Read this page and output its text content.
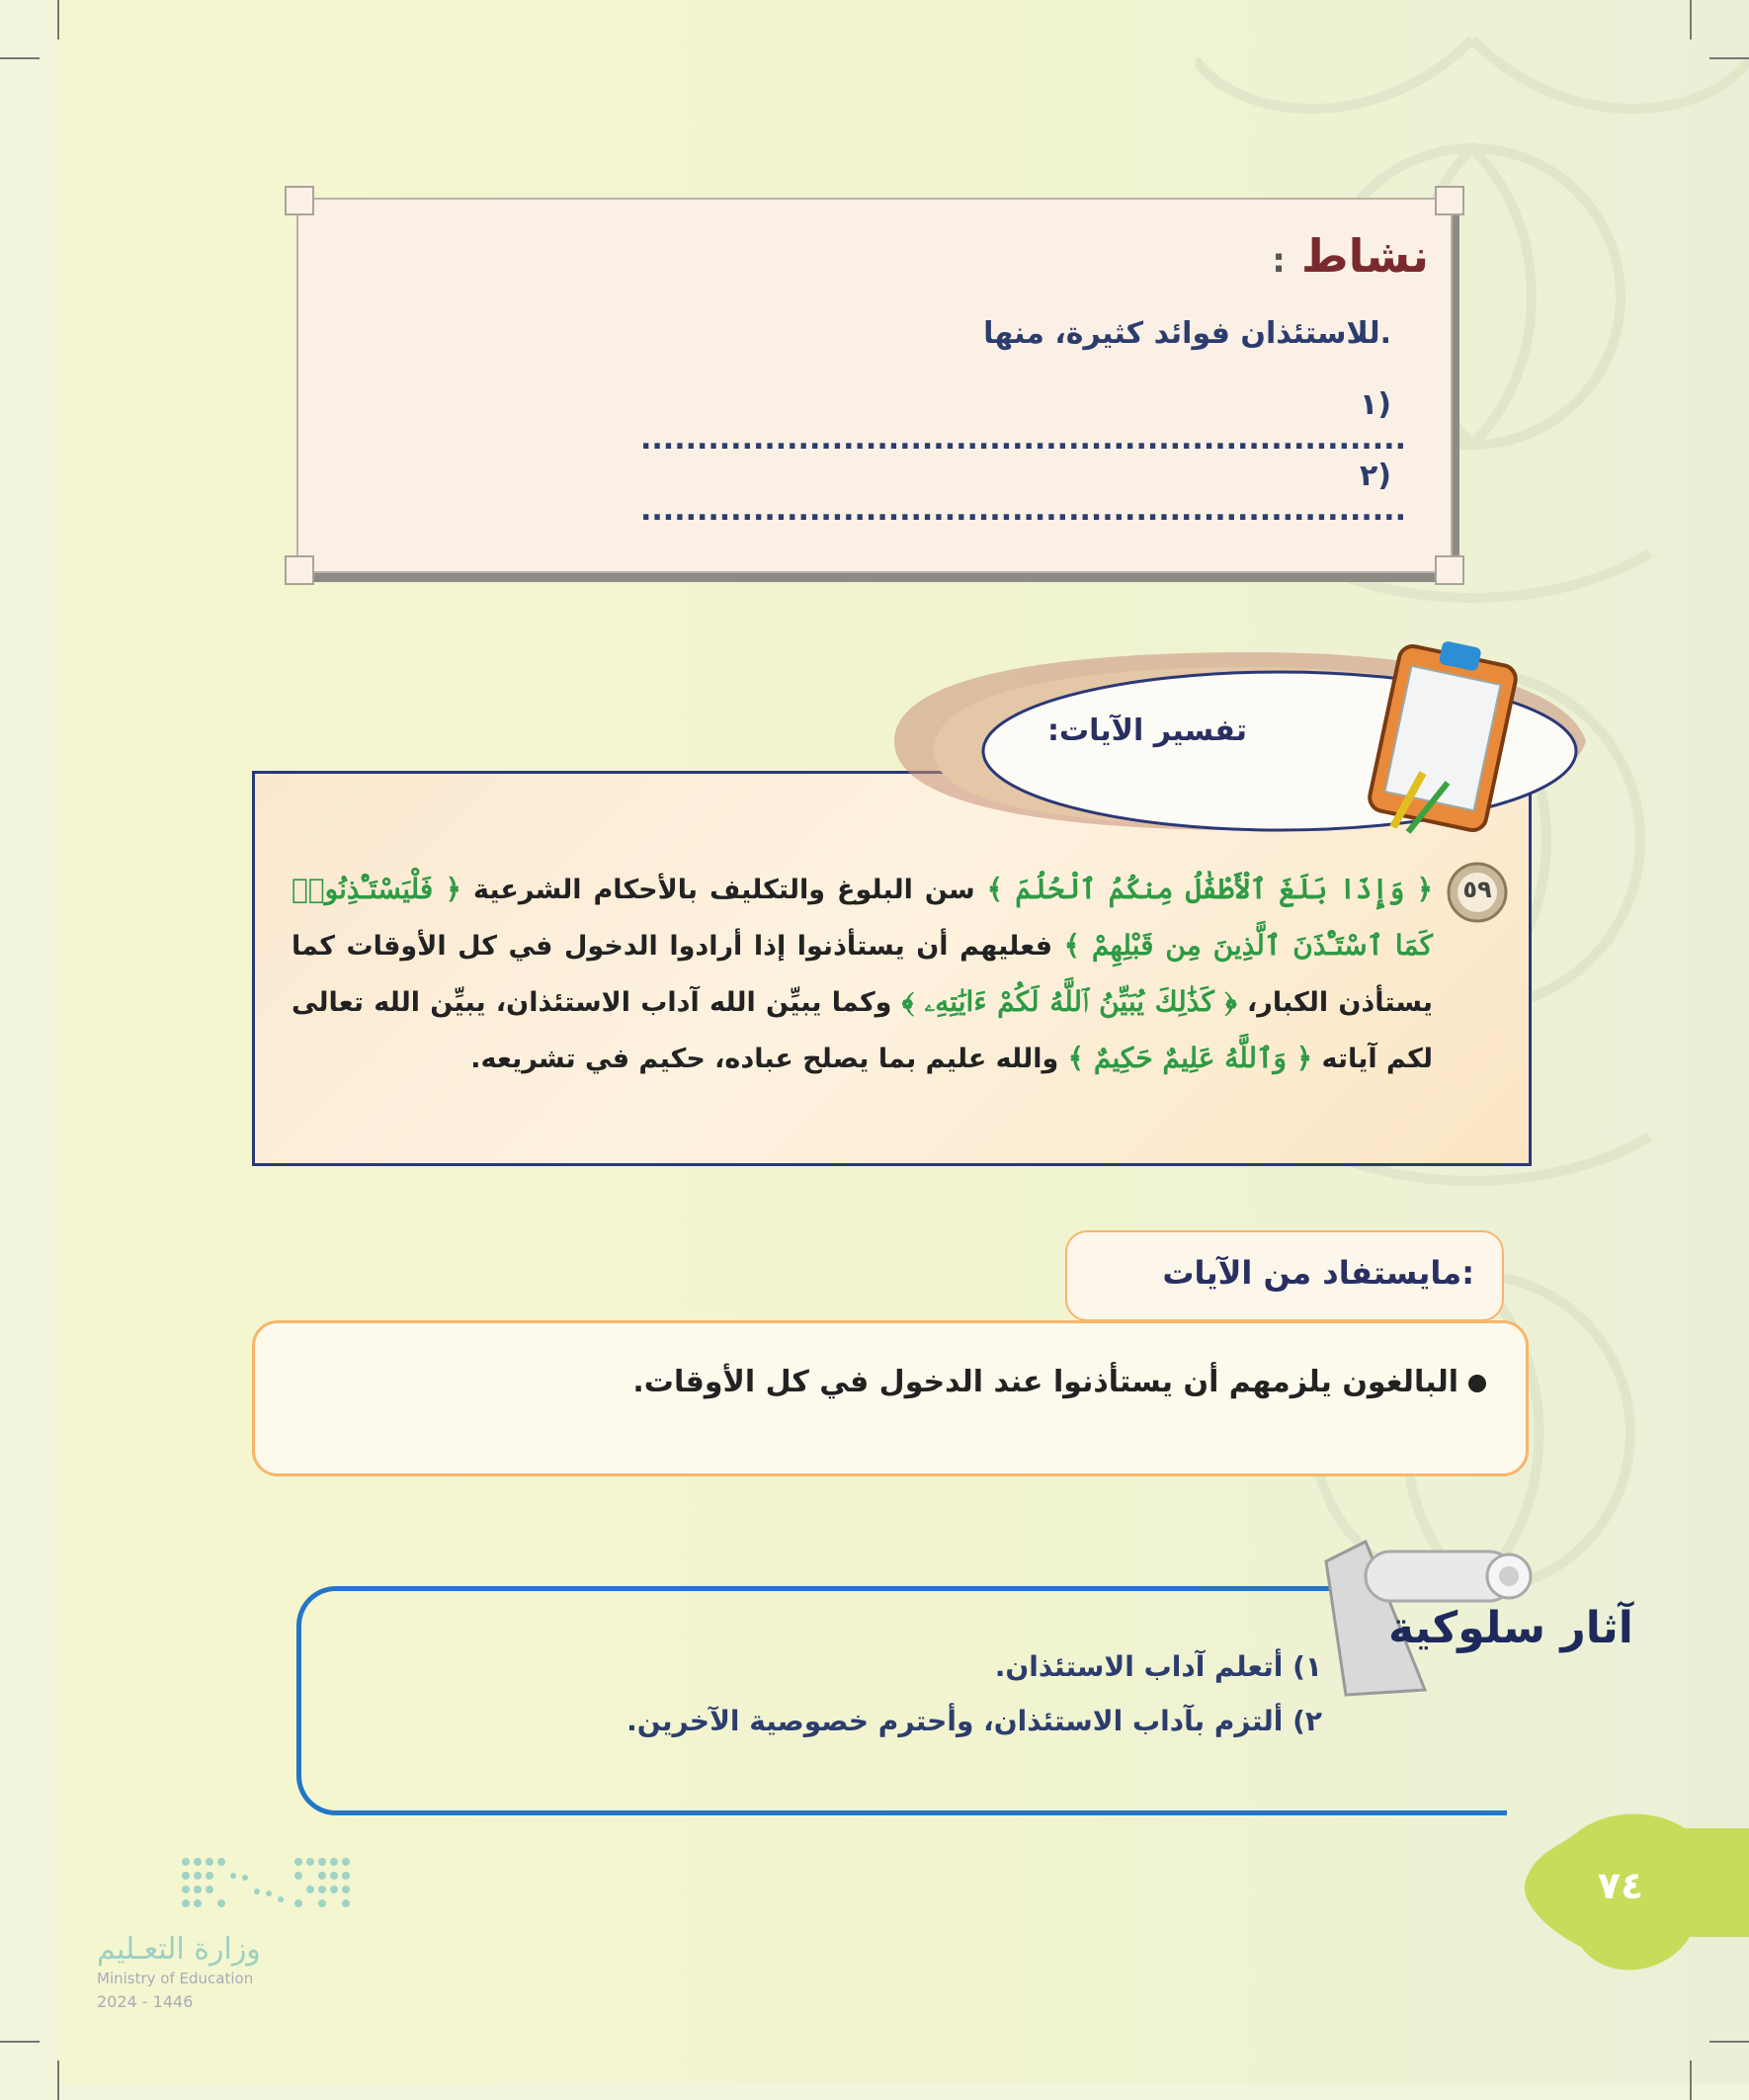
: نشاط
للاستئذان فوائد كثيرة، منها.
١) ....................................................................
٢) ....................................................................
تفسير الآيات:
٥٩
﴿ وَإِذَا بَلَغَ ٱلْأَطْفَٰلُ مِنكُمُ ٱلْحُلُمَ ﴾ سن البلوغ والتكليف بالأحكام الشرعية ﴿ فَلْيَسْتَـْٔذِنُوا۟ كَمَا ٱسْتَـْٔذَنَ ٱلَّذِينَ مِن قَبْلِهِمْ ﴾ فعليهم أن يستأذنوا إذا أرادوا الدخول في كل الأوقات كما يستأذن الكبار، ﴿ كَذَٰلِكَ يُبَيِّنُ ٱللَّهُ لَكُمْ ءَايَٰتِهِۦ ﴾ وكما يبيِّن الله آداب الاستئذان، يبيِّن الله تعالى لكم آياته ﴿ وَٱللَّهُ عَلِيمٌ حَكِيمٌ ﴾ والله عليم بما يصلح عباده، حكيم في تشريعه.
مايستفاد من الآيات:
البالغون يلزمهم أن يستأذنوا عند الدخول في كل الأوقات.
آثار سلوكية
١) أتعلم آداب الاستئذان.
٢) ألتزم بآداب الاستئذان، وأحترم خصوصية الآخرين.
٧٤
وزارة التعـليم
Ministry of Education
2024 - 1446
